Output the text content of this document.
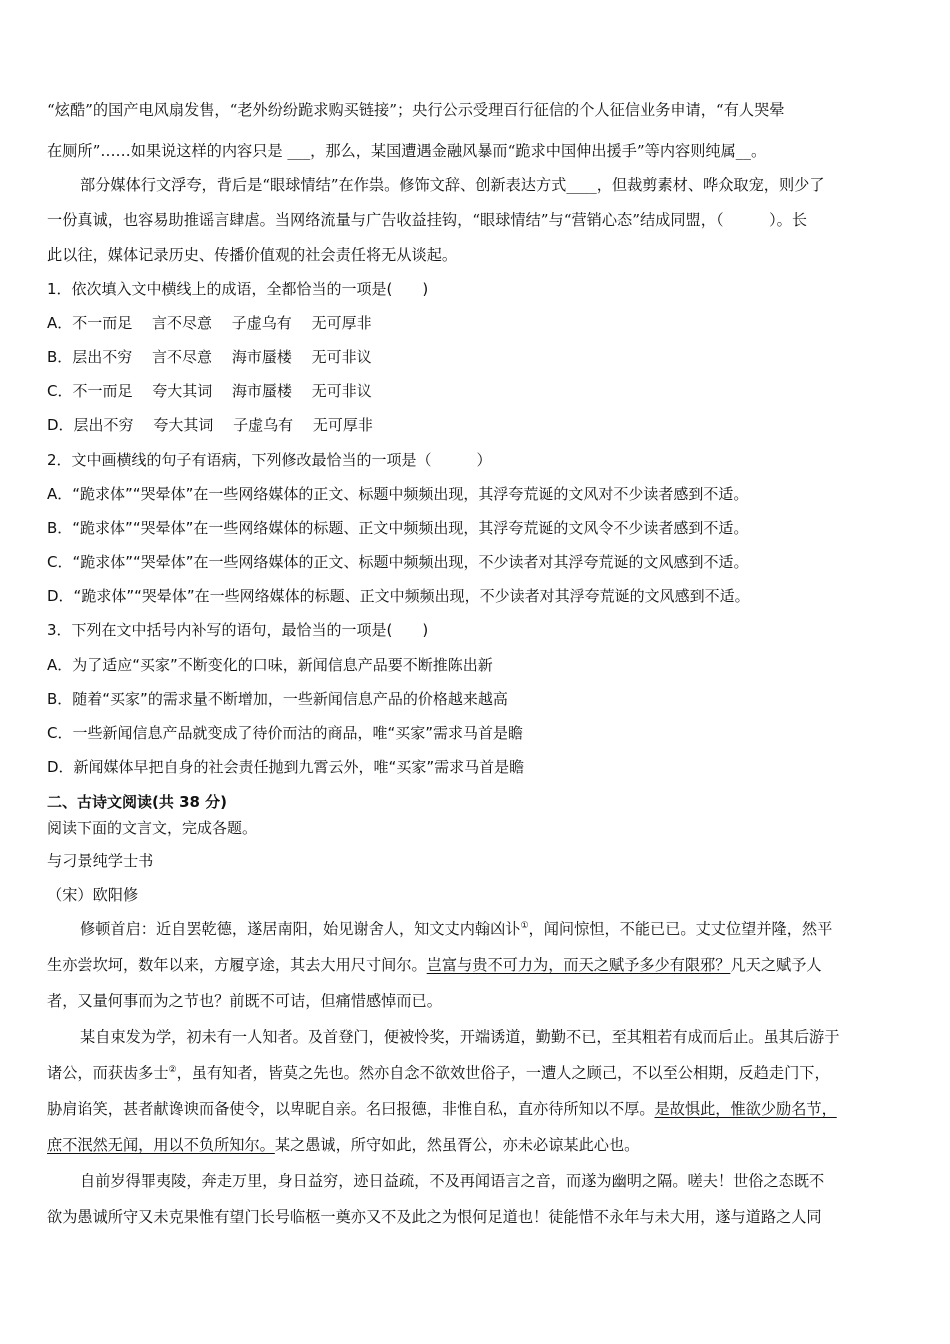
“炫酷”的国产电风扇发售，“老外纷纷跪求购买链接”；央行公示受理百行征信的个人征信业务申请，“有人哭晕
在厕所”……如果说这样的内容只是 ___，那么，某国遭遇金融风暴而“跪求中国伸出援手”等内容则纯属__。
部分媒体行文浮夸，背后是“眼球情结”在作祟。修饰文辞、创新表达方式____，但裁剪素材、哗众取宠，则少了
一份真诚，也容易助推谣言肆虐。当网络流量与广告收益挂钩，“眼球情结”与“营销心态”结成同盟，（　　　）。长
此以往，媒体记录历史、传播价值观的社会责任将无从谈起。
1．依次填入文中横线上的成语，全都恰当的一项是(　　)
A．不一而足　 言不尽意　 子虚乌有　 无可厚非
B．层出不穷　 言不尽意　 海市蜃楼　 无可非议
C．不一而足　 夸大其词　 海市蜃楼　 无可非议
D．层出不穷　 夸大其词　 子虚乌有　 无可厚非
2．文中画横线的句子有语病，下列修改最恰当的一项是（　　　）
A．“跪求体”“哭晕体”在一些网络媒体的正文、标题中频频出现，其浮夸荒诞的文风对不少读者感到不适。
B．“跪求体”“哭晕体”在一些网络媒体的标题、正文中频频出现，其浮夸荒诞的文风令不少读者感到不适。
C．“跪求体”“哭晕体”在一些网络媒体的正文、标题中频频出现，不少读者对其浮夸荒诞的文风感到不适。
D．“跪求体”“哭晕体”在一些网络媒体的标题、正文中频频出现，不少读者对其浮夸荒诞的文风感到不适。
3．下列在文中括号内补写的语句，最恰当的一项是(　　)
A．为了适应“买家”不断变化的口味，新闻信息产品要不断推陈出新
B．随着“买家”的需求量不断增加，一些新闻信息产品的价格越来越高
C．一些新闻信息产品就变成了待价而沽的商品，唯“买家”需求马首是瞻
D．新闻媒体早把自身的社会责任抛到九霄云外，唯“买家”需求马首是瞻
二、古诗文阅读(共 38 分)
阅读下面的文言文，完成各题。
与刁景纯学士书
（宋）欧阳修
修顿首启：近自罢乾德，遂居南阳，始见谢舍人，知文丈内翰凶讣①，闻问惊怛，不能已已。丈丈位望并隆，然平
生亦尝坎坷，数年以来，方履亨途，其去大用尺寸间尔。岂富与贵不可力为，而天之赋予多少有限邪？凡天之赋予人
者，又量何事而为之节也？前既不可诘，但痛惜感悼而已。
某自束发为学，初未有一人知者。及首登门，便被怜奖，开端诱道，勤勤不已，至其粗若有成而后止。虽其后游于
诸公，而获齿多士②，虽有知者，皆莫之先也。然亦自念不欲效世俗子，一遭人之顾己，不以至公相期，反趋走门下，
胁肩谄笑，甚者献谗谀而备使令，以卑昵自亲。名曰报德，非惟自私，直亦待所知以不厚。是故惧此，惟欲少励名节，
庶不泯然无闻，用以不负所知尔。某之愚诚，所守如此，然虽胥公，亦未必谅某此心也。
自前岁得罪夷陵，奔走万里，身日益穷，迹日益疏，不及再闻语言之音，而遂为幽明之隔。嗟夫！世俗之态既不
欲为愚诚所守又未克果惟有望门长号临柩一奠亦又不及此之为恨何足道也！徒能惜不永年与未大用，遂与道路之人同
